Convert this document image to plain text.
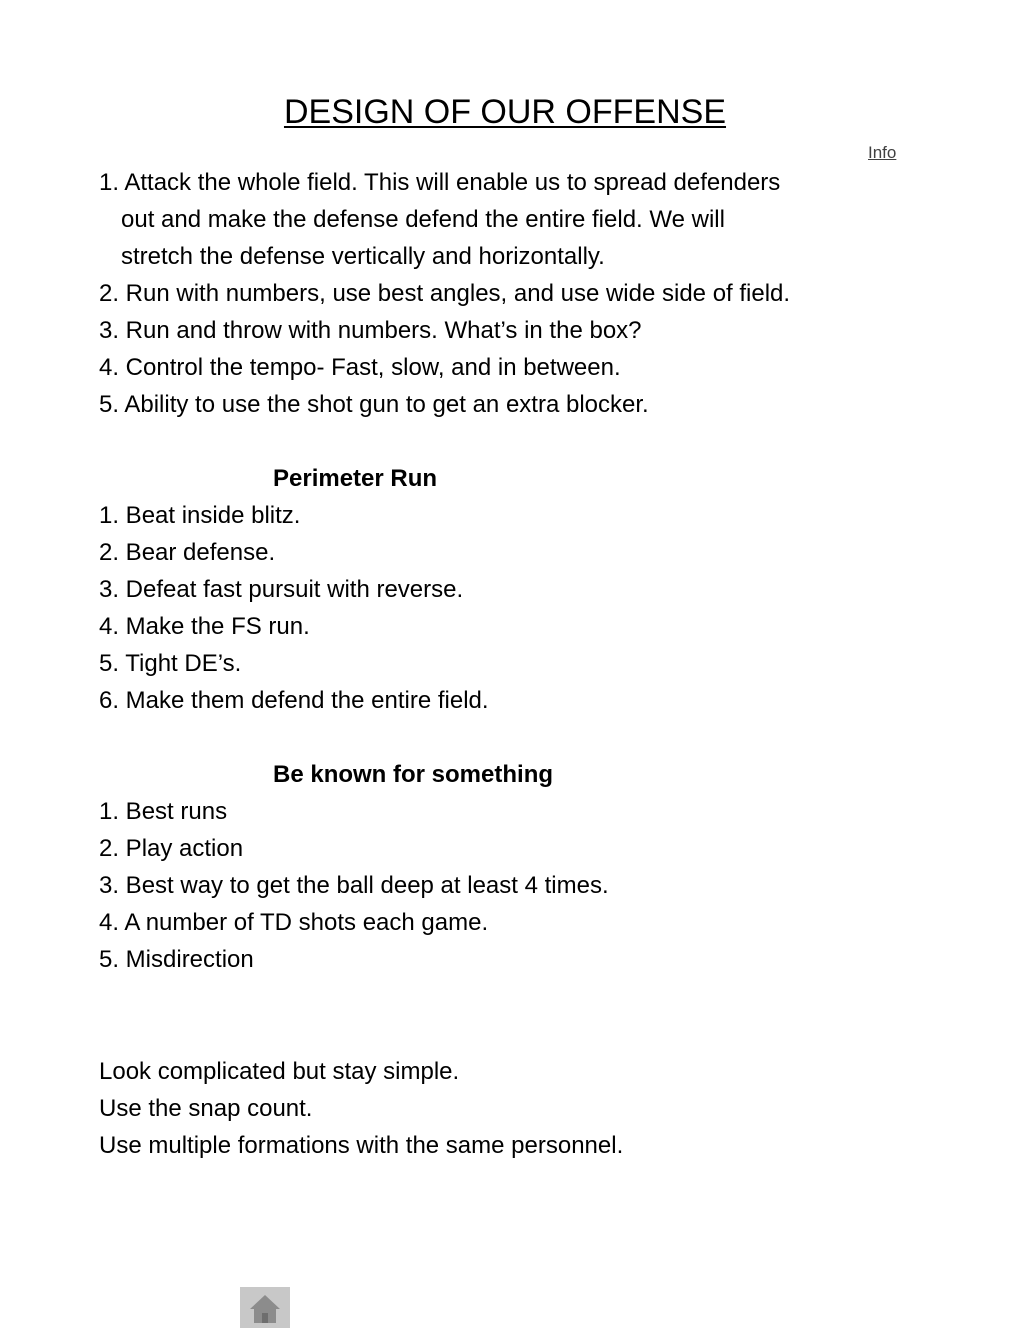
DESIGN OF OUR OFFENSE
Info
1. Attack the whole field. This will enable us to spread defenders
out and make the defense defend the entire field. We will
stretch the defense vertically and horizontally.
2. Run with numbers, use best angles, and use wide side of field.
3. Run and throw with numbers. What’s in the box?
4. Control the tempo- Fast, slow, and in between.
5. Ability to use the shot gun to get an extra blocker.
Perimeter Run
1. Beat inside blitz.
2. Bear defense.
3. Defeat fast pursuit with reverse.
4. Make the FS run.
5. Tight DE’s.
6. Make them defend the entire field.
Be known for something
1. Best runs
2. Play action
3. Best way to get the ball deep at least 4 times.
4. A number of TD shots each game.
5. Misdirection
Look complicated but stay simple.
Use the snap count.
Use multiple formations with the same personnel.
